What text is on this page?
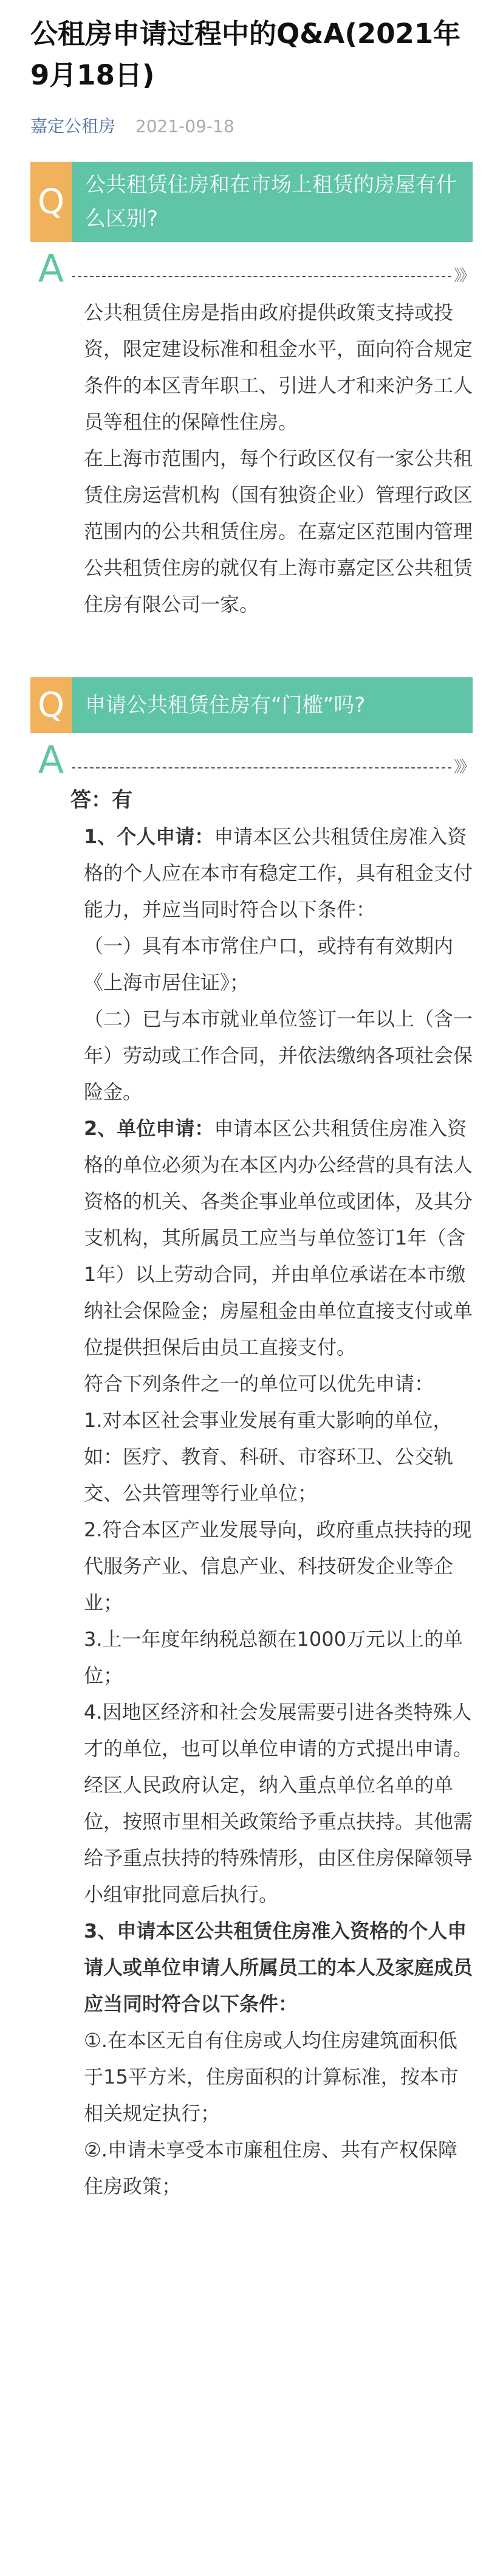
公租房申请过程中的Q&A(2021年9月18日)
嘉定公租房 2021-09-18
Q 公共租赁住房和在市场上租赁的房屋有什么区别?
A	》》

公共租赁住房是指由政府提供政策支持或投资，限定建设标准和租金水平，面向符合规定条件的本区青年职工、引进人才和来沪务工人员等租住的保障性住房。

在上海市范围内，每个行政区仅有一家公共租赁住房运营机构（国有独资企业）管理行政区范围内的公共租赁住房。在嘉定区范围内管理公共租赁住房的就仅有上海市嘉定区公共租赁住房有限公司一家。

Q 申请公共租赁住房有“门槛”吗?
A	》》

答：有

1、个人申请：申请本区公共租赁住房准入资格的个人应在本市有稳定工作，具有租金支付能力，并应当同时符合以下条件：

（一）具有本市常住户口，或持有有效期内《上海市居住证》；

（二）已与本市就业单位签订一年以上（含一年）劳动或工作合同，并依法缴纳各项社会保险金。

2、单位申请：申请本区公共租赁住房准入资格的单位必须为在本区内办公经营的具有法人资格的机关、各类企事业单位或团体，及其分支机构，其所属员工应当与单位签订1年（含1年）以上劳动合同，并由单位承诺在本市缴纳社会保险金；房屋租金由单位直接支付或单位提供担保后由员工直接支付。

符合下列条件之一的单位可以优先申请：

1.对本区社会事业发展有重大影响的单位，如：医疗、教育、科研、市容环卫、公交轨交、公共管理等行业单位；

2.符合本区产业发展导向，政府重点扶持的现代服务产业、信息产业、科技研发企业等企业；

3.上一年度年纳税总额在1000万元以上的单位；

4.因地区经济和社会发展需要引进各类特殊人才的单位，也可以单位申请的方式提出申请。

经区人民政府认定，纳入重点单位名单的单位，按照市里相关政策给予重点扶持。其他需给予重点扶持的特殊情形，由区住房保障领导小组审批同意后执行。

3、申请本区公共租赁住房准入资格的个人申请人或单位申请人所属员工的本人及家庭成员应当同时符合以下条件：

①.在本区无自有住房或人均住房建筑面积低于15平方米，住房面积的计算标准，按本市相关规定执行；

②.申请未享受本市廉租住房、共有产权保障住房政策；
